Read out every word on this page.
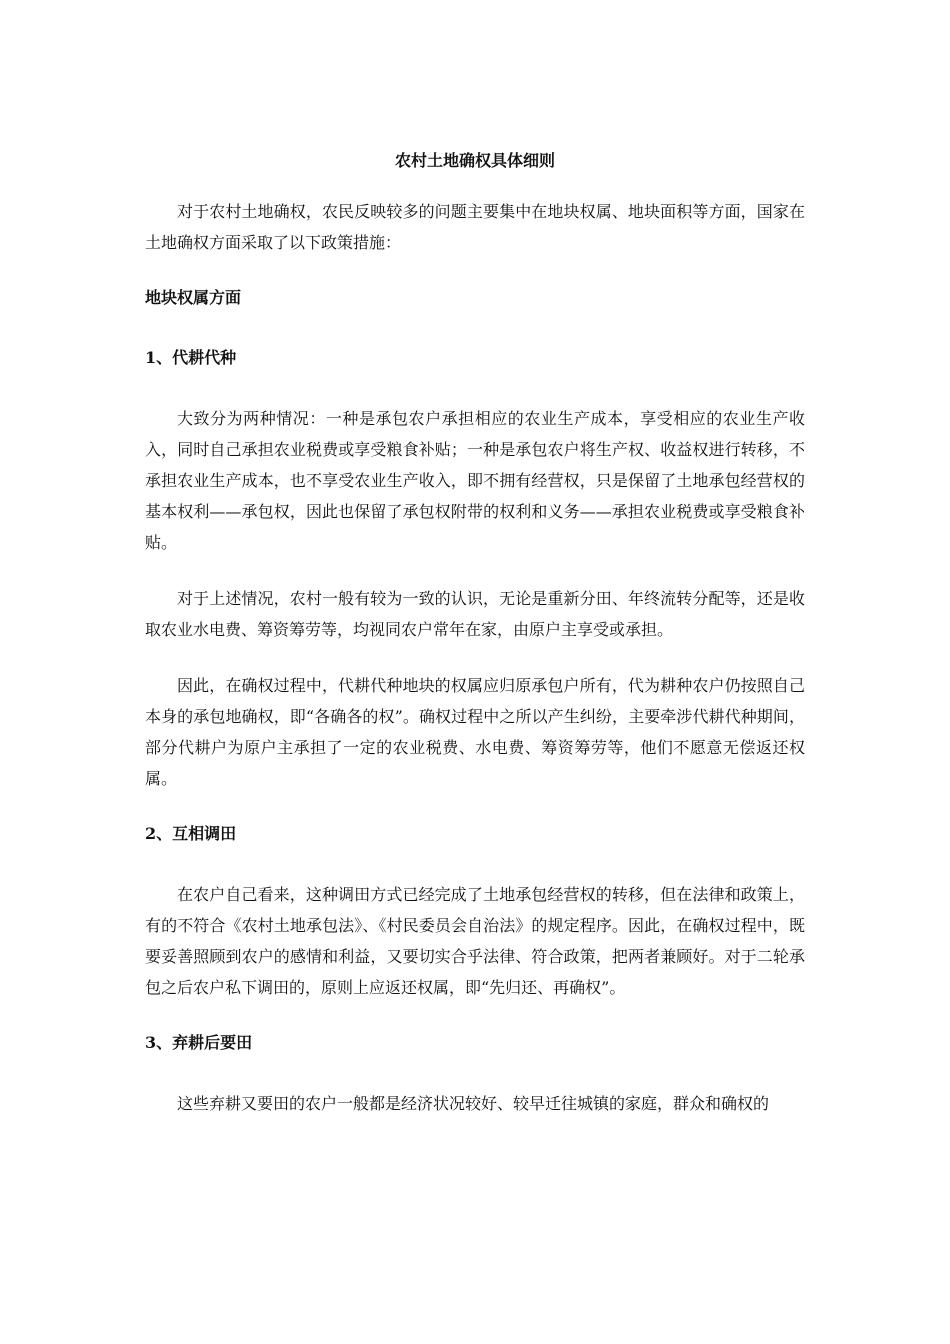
农村土地确权具体细则

对于农村土地确权，农民反映较多的问题主要集中在地块权属、地块面积等方面，国家在土地确权方面采取了以下政策措施：

地块权属方面
1、代耕代种

大致分为两种情况：一种是承包农户承担相应的农业生产成本，享受相应的农业生产收入，同时自己承担农业税费或享受粮食补贴；一种是承包农户将生产权、收益权进行转移，不承担农业生产成本，也不享受农业生产收入，即不拥有经营权，只是保留了土地承包经营权的基本权利——承包权，因此也保留了承包权附带的权利和义务——承担农业税费或享受粮食补贴。

对于上述情况，农村一般有较为一致的认识，无论是重新分田、年终流转分配等，还是收取农业水电费、筹资筹劳等，均视同农户常年在家，由原户主享受或承担。

因此，在确权过程中，代耕代种地块的权属应归原承包户所有，代为耕种农户仍按照自己本身的承包地确权，即“各确各的权”。确权过程中之所以产生纠纷，主要牵涉代耕代种期间，部分代耕户为原户主承担了一定的农业税费、水电费、筹资筹劳等，他们不愿意无偿返还权属。

2、互相调田

在农户自己看来，这种调田方式已经完成了土地承包经营权的转移，但在法律和政策上，有的不符合《农村土地承包法》、《村民委员会自治法》的规定程序。因此，在确权过程中，既要妥善照顾到农户的感情和利益，又要切实合乎法律、符合政策，把两者兼顾好。对于二轮承包之后农户私下调田的，原则上应返还权属，即“先归还、再确权”。

3、弃耕后要田

这些弃耕又要田的农户一般都是经济状况较好、较早迁往城镇的家庭，群众和确权的
